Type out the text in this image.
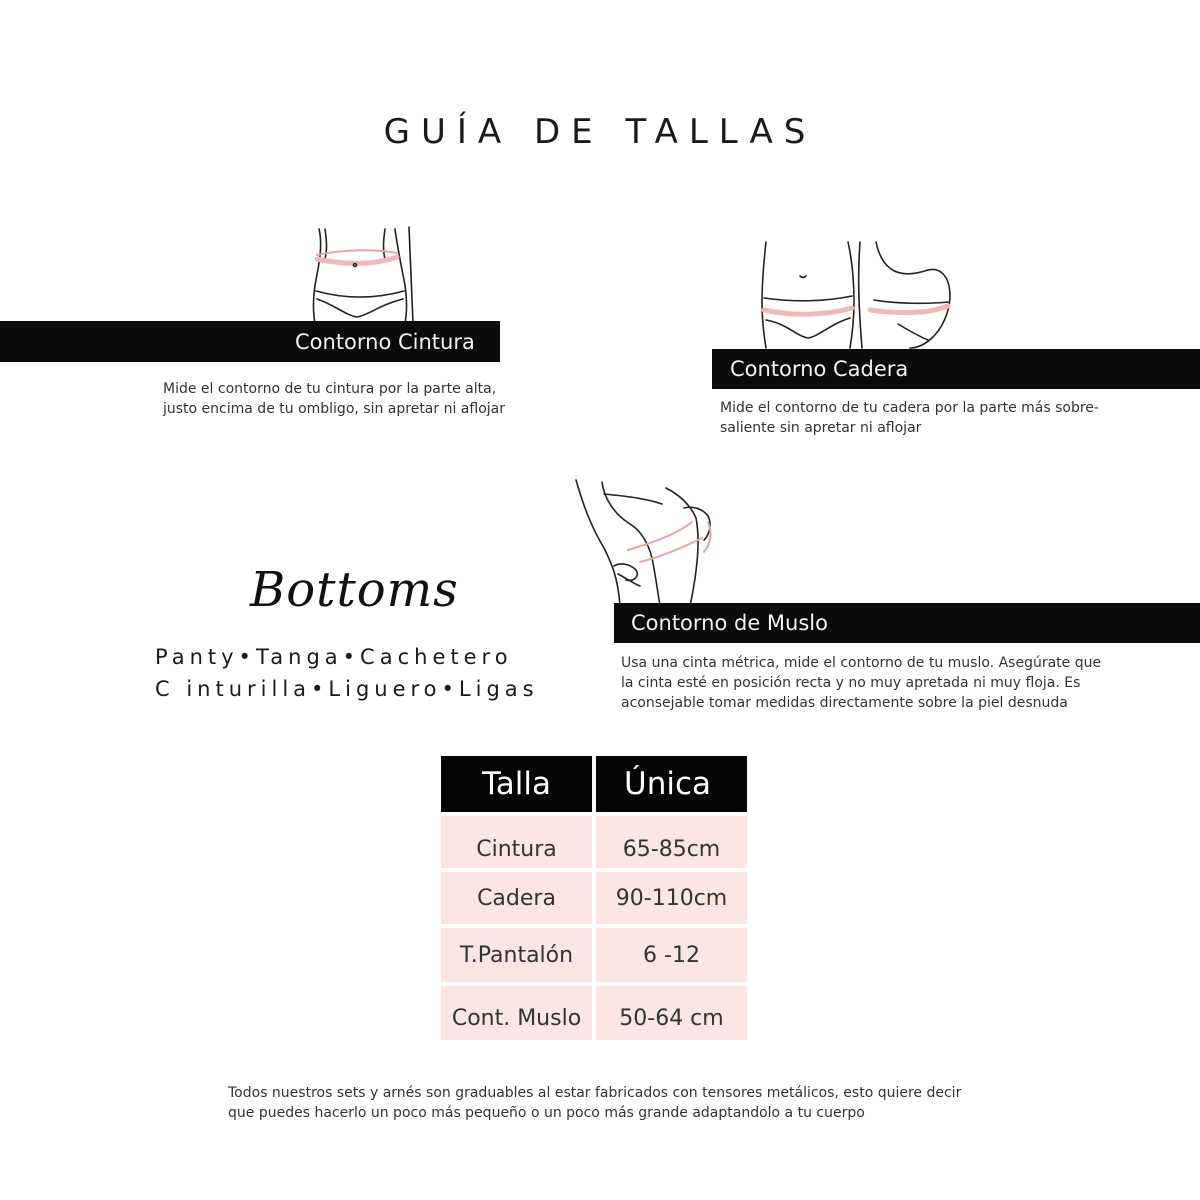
GUÍA DE TALLAS
Contorno Cintura
Mide el contorno de tu cintura por la parte alta,
justo encima de tu ombligo, sin apretar ni aflojar
Contorno Cadera
Mide el contorno de tu cadera por la parte más sobre-
saliente sin apretar ni aflojar
Contorno de Muslo
Usa una cinta métrica, mide el contorno de tu muslo. Asegúrate que
la cinta esté en posición recta y no muy apretada ni muy floja. Es
aconsejable tomar medidas directamente sobre la piel desnuda
Bottoms
Panty•Tanga•Cachetero
C inturilla•Liguero•Ligas
Talla	Única
Cintura	65-85cm
Cadera	90-110cm
T.Pantalón	6 -12
Cont. Muslo	50-64 cm
Todos nuestros sets y arnés son graduables al estar fabricados con tensores metálicos, esto quiere decir
que puedes hacerlo un poco más pequeño o un poco más grande adaptandolo a tu cuerpo
